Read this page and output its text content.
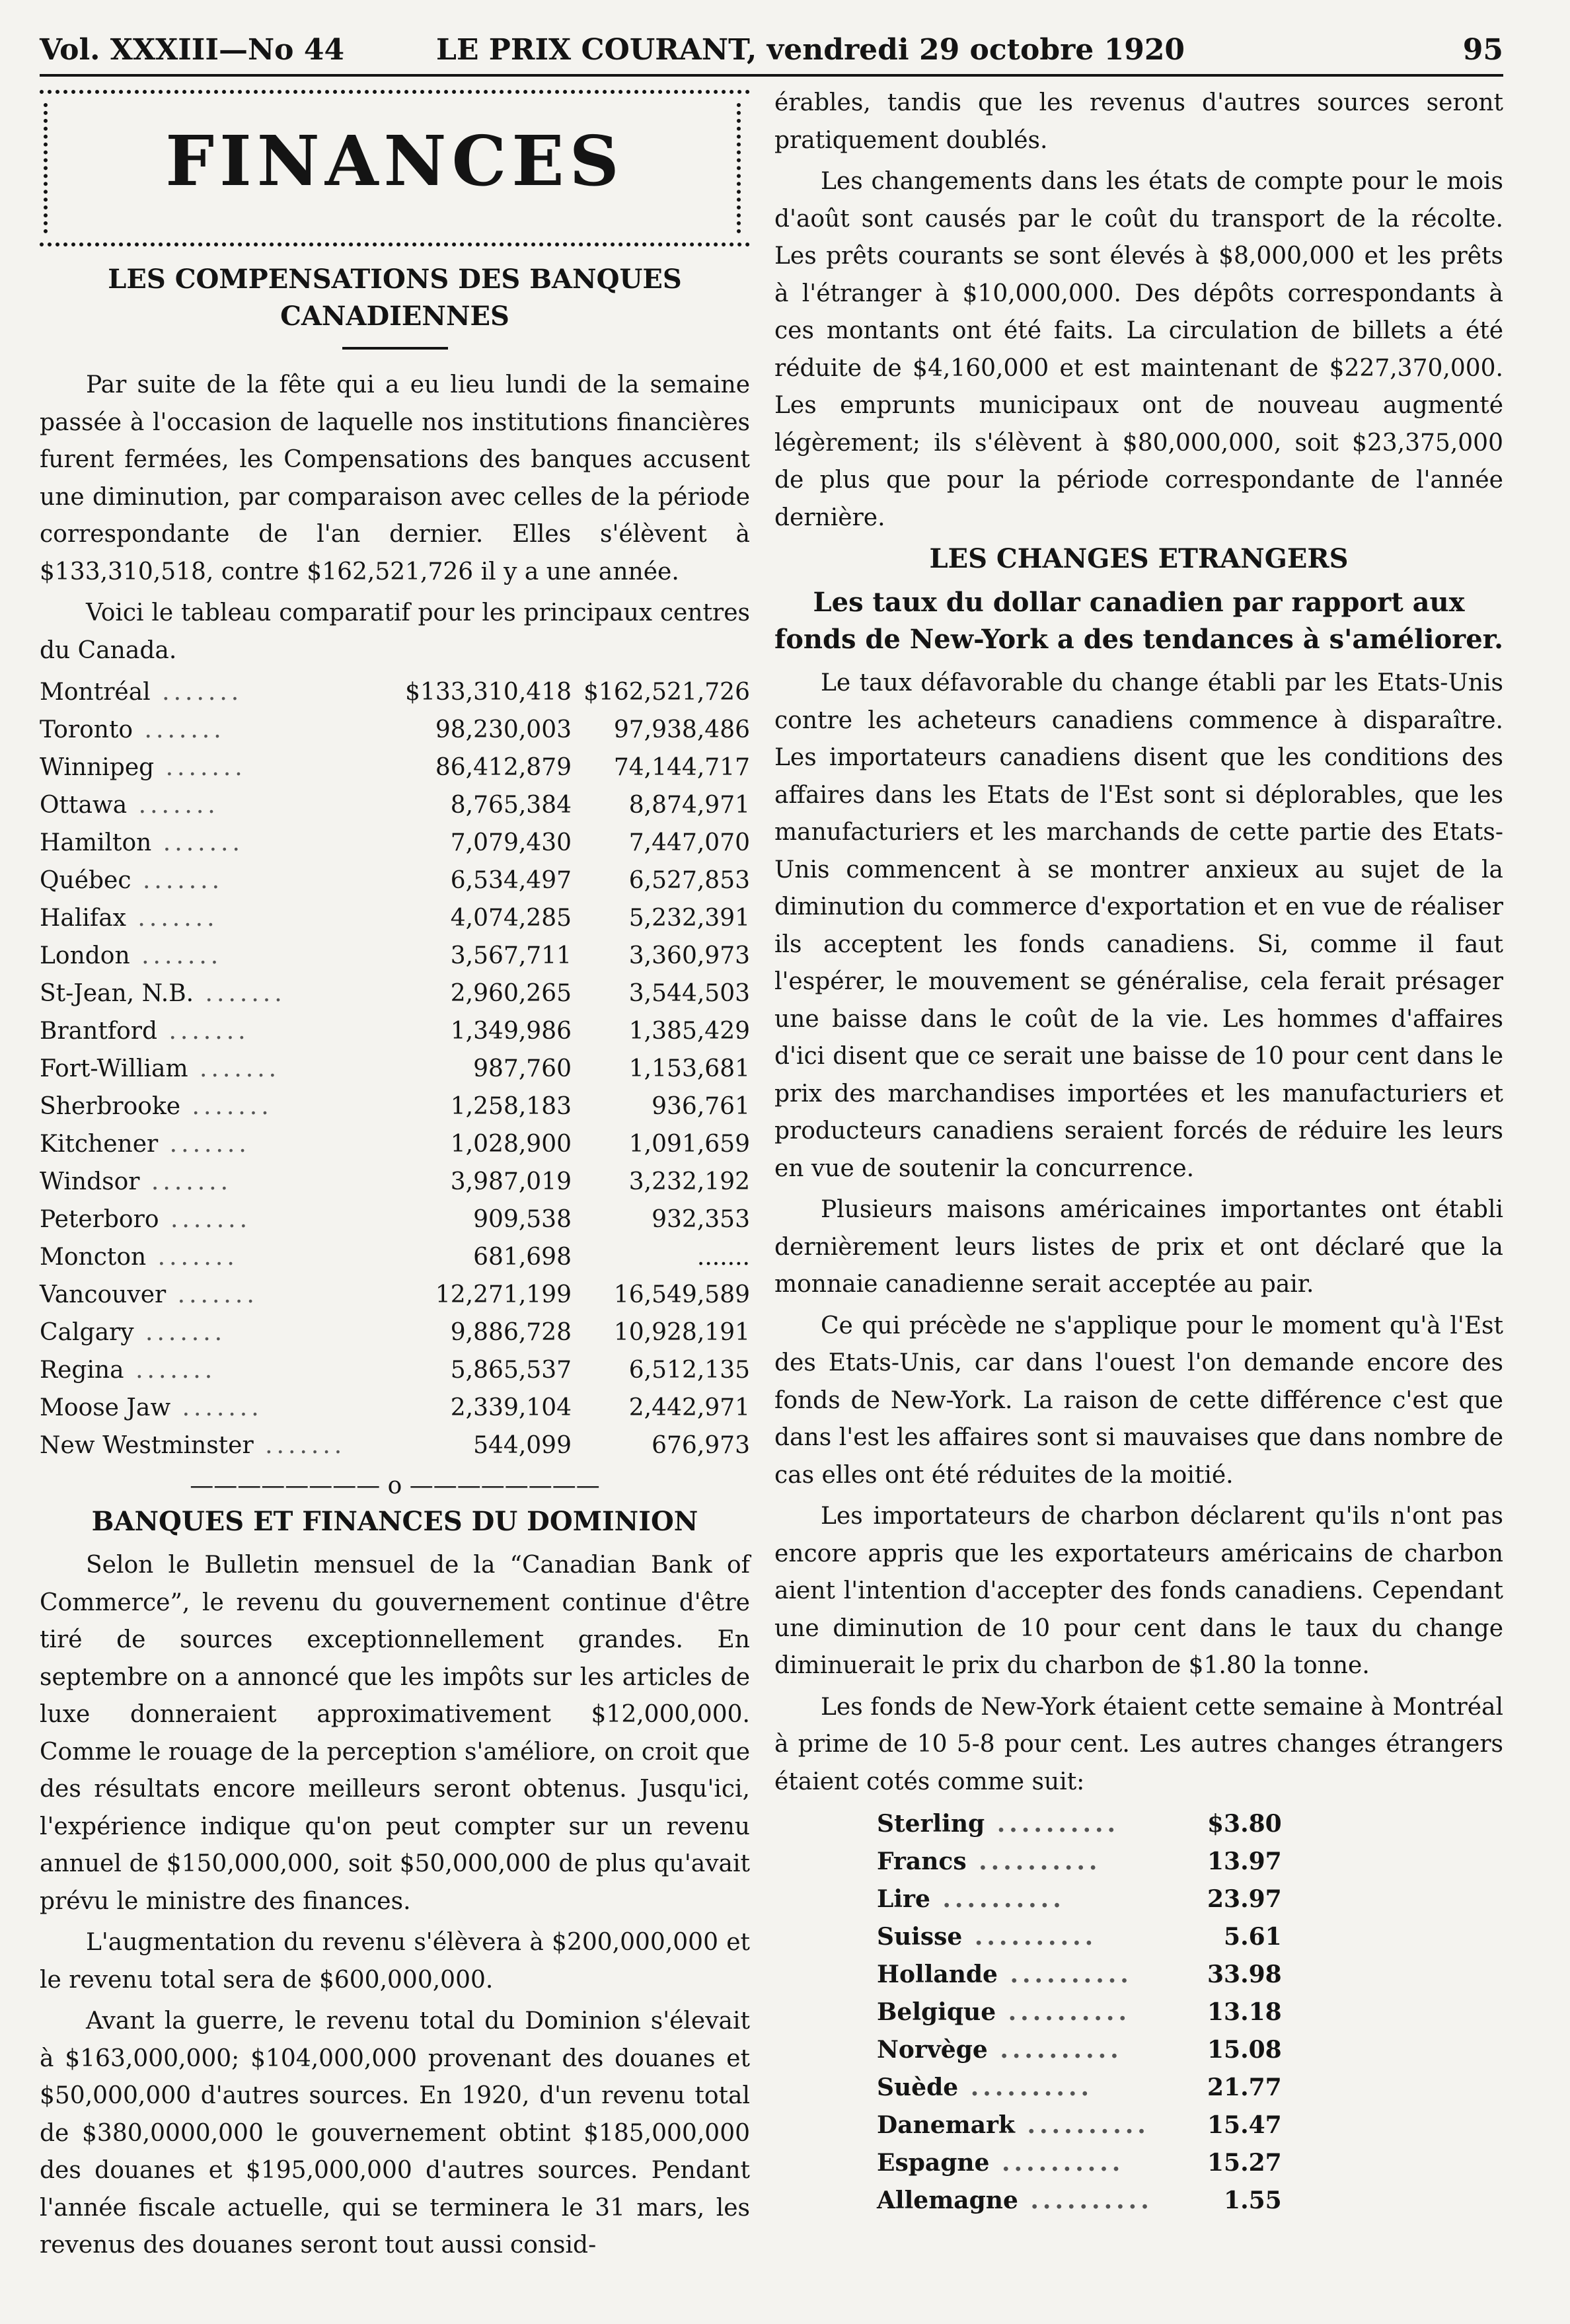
Vol. XXXIII—No 44	LE PRIX COURANT, vendredi 29 octobre 1920	95
FINANCES
LES COMPENSATIONS DES BANQUES CANADIENNES

Par suite de la fête qui a eu lieu lundi de la semaine passée à l'occasion de laquelle nos institutions financières furent fermées, les Compensations des banques accusent une diminution, par comparaison avec celles de la période correspondante de l'an dernier. Elles s'élèvent à $133,310,518, contre $162,521,726 il y a une année.

Voici le tableau comparatif pour les principaux centres du Canada.

Montréal .......	$133,310,418	$162,521,726
Toronto .......	98,230,003	97,938,486
Winnipeg .......	86,412,879	74,144,717
Ottawa .......	8,765,384	8,874,971
Hamilton .......	7,079,430	7,447,070
Québec .......	6,534,497	6,527,853
Halifax .......	4,074,285	5,232,391
London .......	3,567,711	3,360,973
St-Jean, N.B. .......	2,960,265	3,544,503
Brantford .......	1,349,986	1,385,429
Fort-William .......	987,760	1,153,681
Sherbrooke .......	1,258,183	936,761
Kitchener .......	1,028,900	1,091,659
Windsor .......	3,987,019	3,232,192
Peterboro .......	909,538	932,353
Moncton .......	681,698	.......
Vancouver .......	12,271,199	16,549,589
Calgary .......	9,886,728	10,928,191
Regina .......	5,865,537	6,512,135
Moose Jaw .......	2,339,104	2,442,971
New Westminster .......	544,099	676,973
———————— o ————————
BANQUES ET FINANCES DU DOMINION

Selon le Bulletin mensuel de la “Canadian Bank of Commerce”, le revenu du gouvernement continue d'être tiré de sources exceptionnellement grandes. En septembre on a annoncé que les impôts sur les articles de luxe donneraient approximativement $12,000,000. Comme le rouage de la perception s'améliore, on croit que des résultats encore meilleurs seront obtenus. Jusqu'ici, l'expérience indique qu'on peut compter sur un revenu annuel de $150,000,000, soit $50,000,000 de plus qu'avait prévu le ministre des finances.

L'augmentation du revenu s'élèvera à $200,000,000 et le revenu total sera de $600,000,000.

Avant la guerre, le revenu total du Dominion s'élevait à $163,000,000; $104,000,000 provenant des douanes et $50,000,000 d'autres sources. En 1920, d'un revenu total de $380,0000,000 le gouvernement obtint $185,000,000 des douanes et $195,000,000 d'autres sources. Pendant l'année fiscale actuelle, qui se terminera le 31 mars, les revenus des douanes seront tout aussi consid-

érables, tandis que les revenus d'autres sources seront pratiquement doublés.

Les changements dans les états de compte pour le mois d'août sont causés par le coût du transport de la récolte. Les prêts courants se sont élevés à $8,000,000 et les prêts à l'étranger à $10,000,000. Des dépôts correspondants à ces montants ont été faits. La circulation de billets a été réduite de $4,160,000 et est maintenant de $227,370,000. Les emprunts municipaux ont de nouveau augmenté légèrement; ils s'élèvent à $80,000,000, soit $23,375,000 de plus que pour la période correspondante de l'année dernière.

LES CHANGES ETRANGERS
Les taux du dollar canadien par rapport aux fonds de New-York a des tendances à s'améliorer.

Le taux défavorable du change établi par les Etats-Unis contre les acheteurs canadiens commence à disparaître. Les importateurs canadiens disent que les conditions des affaires dans les Etats de l'Est sont si déplorables, que les manufacturiers et les marchands de cette partie des Etats-Unis commencent à se montrer anxieux au sujet de la diminution du commerce d'exportation et en vue de réaliser ils acceptent les fonds canadiens. Si, comme il faut l'espérer, le mouvement se généralise, cela ferait présager une baisse dans le coût de la vie. Les hommes d'affaires d'ici disent que ce serait une baisse de 10 pour cent dans le prix des marchandises importées et les manufacturiers et producteurs canadiens seraient forcés de réduire les leurs en vue de soutenir la concurrence.

Plusieurs maisons américaines importantes ont établi dernièrement leurs listes de prix et ont déclaré que la monnaie canadienne serait acceptée au pair.

Ce qui précède ne s'applique pour le moment qu'à l'Est des Etats-Unis, car dans l'ouest l'on demande encore des fonds de New-York. La raison de cette différence c'est que dans l'est les affaires sont si mauvaises que dans nombre de cas elles ont été réduites de la moitié.

Les importateurs de charbon déclarent qu'ils n'ont pas encore appris que les exportateurs américains de charbon aient l'intention d'accepter des fonds canadiens. Cependant une diminution de 10 pour cent dans le taux du change diminuerait le prix du charbon de $1.80 la tonne.

Les fonds de New-York étaient cette semaine à Montréal à prime de 10 5-8 pour cent. Les autres changes étrangers étaient cotés comme suit:

Sterling ..........	$3.80
Francs ..........	13.97
Lire ..........	23.97
Suisse ..........	5.61
Hollande ..........	33.98
Belgique ..........	13.18
Norvège ..........	15.08
Suède ..........	21.77
Danemark ..........	15.47
Espagne ..........	15.27
Allemagne ..........	1.55
